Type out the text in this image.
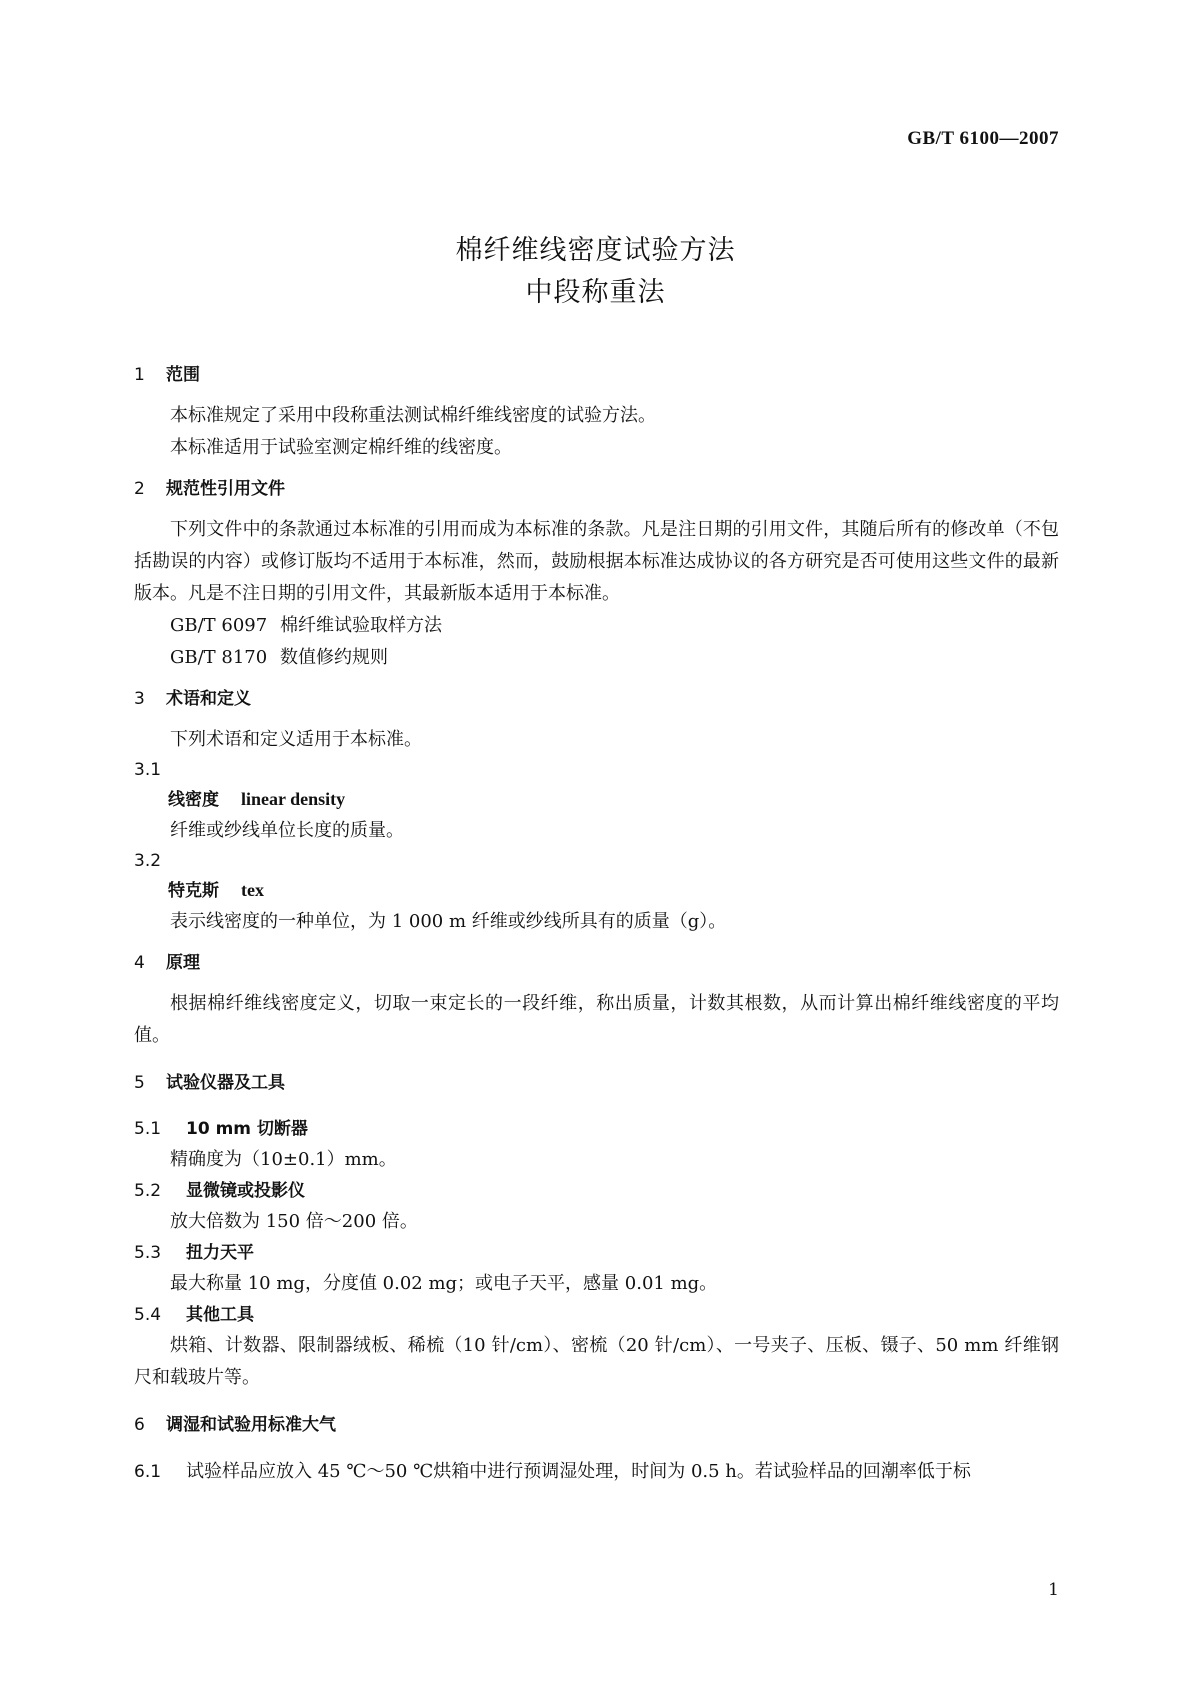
GB/T 6100—2007
棉纤维线密度试验方法
中段称重法
1 范围
本标准规定了采用中段称重法测试棉纤维线密度的试验方法。
本标准适用于试验室测定棉纤维的线密度。
2 规范性引用文件
下列文件中的条款通过本标准的引用而成为本标准的条款。凡是注日期的引用文件，其随后所有的修改单（不包括勘误的内容）或修订版均不适用于本标准，然而，鼓励根据本标准达成协议的各方研究是否可使用这些文件的最新版本。凡是不注日期的引用文件，其最新版本适用于本标准。
GB/T 6097 棉纤维试验取样方法
GB/T 8170 数值修约规则
3 术语和定义
下列术语和定义适用于本标准。
3.1
线密度 linear density
纤维或纱线单位长度的质量。
3.2
特克斯 tex
表示线密度的一种单位，为 1 000 m 纤维或纱线所具有的质量（g）。
4 原理
根据棉纤维线密度定义，切取一束定长的一段纤维，称出质量，计数其根数，从而计算出棉纤维线密度的平均值。
5 试验仪器及工具
5.1 10 mm 切断器
精确度为（10±0.1）mm。
5.2 显微镜或投影仪
放大倍数为 150 倍～200 倍。
5.3 扭力天平
最大称量 10 mg，分度值 0.02 mg；或电子天平，感量 0.01 mg。
5.4 其他工具
烘箱、计数器、限制器绒板、稀梳（10 针/cm）、密梳（20 针/cm）、一号夹子、压板、镊子、50 mm 纤维钢尺和载玻片等。
6 调湿和试验用标准大气
6.1 试验样品应放入 45 ℃～50 ℃烘箱中进行预调湿处理，时间为 0.5 h。若试验样品的回潮率低于标
1
